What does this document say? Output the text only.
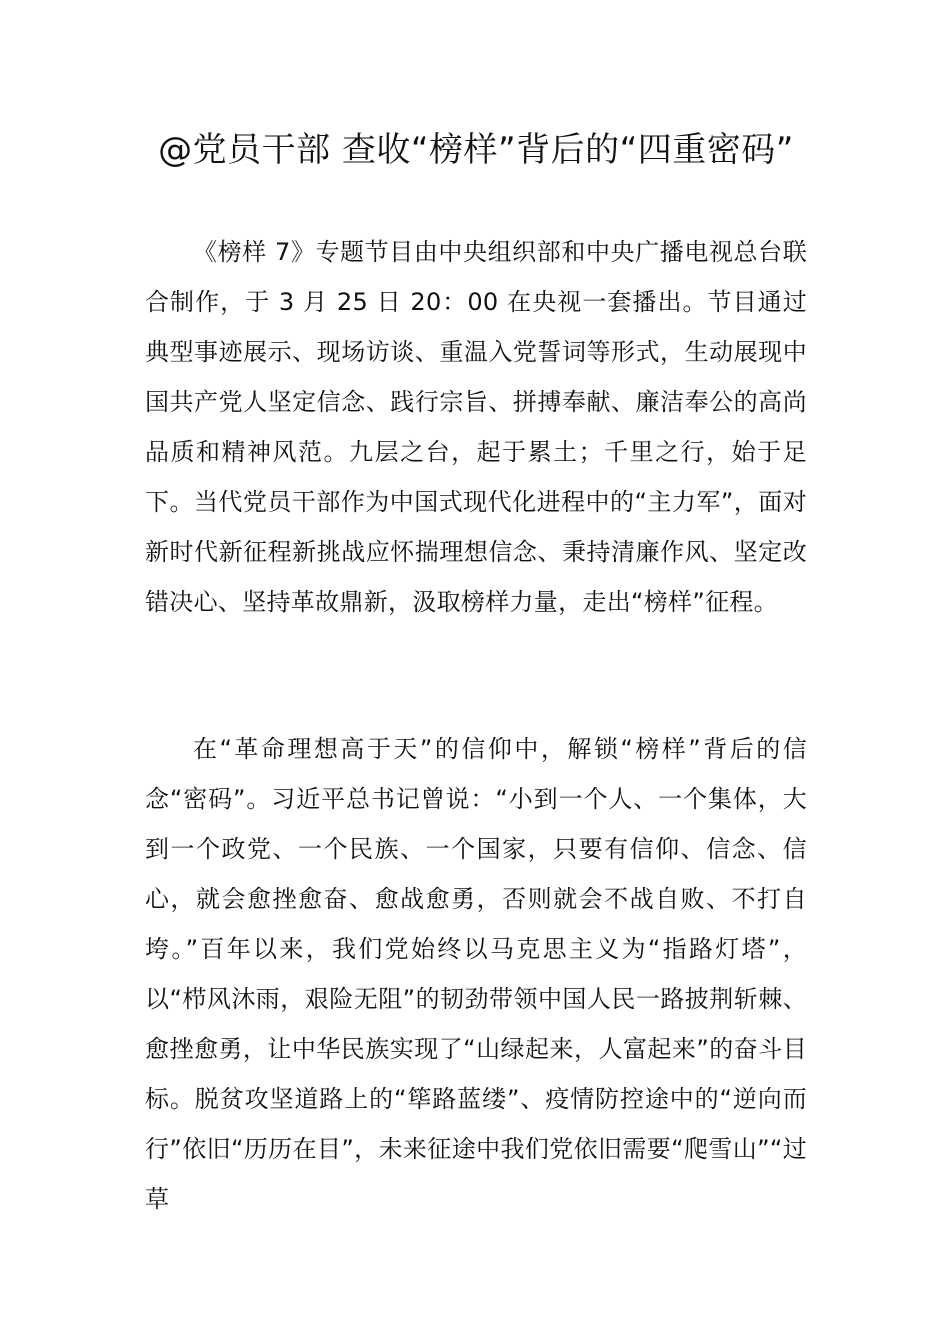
@党员干部 查收“榜样”背后的“四重密码”

《榜样 7》专题节目由中央组织部和中央广播电视总台联合制作，于 3 月 25 日 20：00 在央视一套播出。节目通过典型事迹展示、现场访谈、重温入党誓词等形式，生动展现中国共产党人坚定信念、践行宗旨、拼搏奉献、廉洁奉公的高尚品质和精神风范。九层之台，起于累土；千里之行，始于足下。当代党员干部作为中国式现代化进程中的“主力军”，面对新时代新征程新挑战应怀揣理想信念、秉持清廉作风、坚定改错决心、坚持革故鼎新，汲取榜样力量，走出“榜样”征程。

在“革命理想高于天”的信仰中，解锁“榜样”背后的信念“密码”。习近平总书记曾说：“小到一个人、一个集体，大到一个政党、一个民族、一个国家，只要有信仰、信念、信心，就会愈挫愈奋、愈战愈勇，否则就会不战自败、不打自垮。”百年以来，我们党始终以马克思主义为“指路灯塔”，以“栉风沐雨，艰险无阻”的韧劲带领中国人民一路披荆斩棘、愈挫愈勇，让中华民族实现了“山绿起来，人富起来”的奋斗目标。脱贫攻坚道路上的“筚路蓝缕”、疫情防控途中的“逆向而行”依旧“历历在目”，未来征途中我们党依旧需要“爬雪山”“过草
